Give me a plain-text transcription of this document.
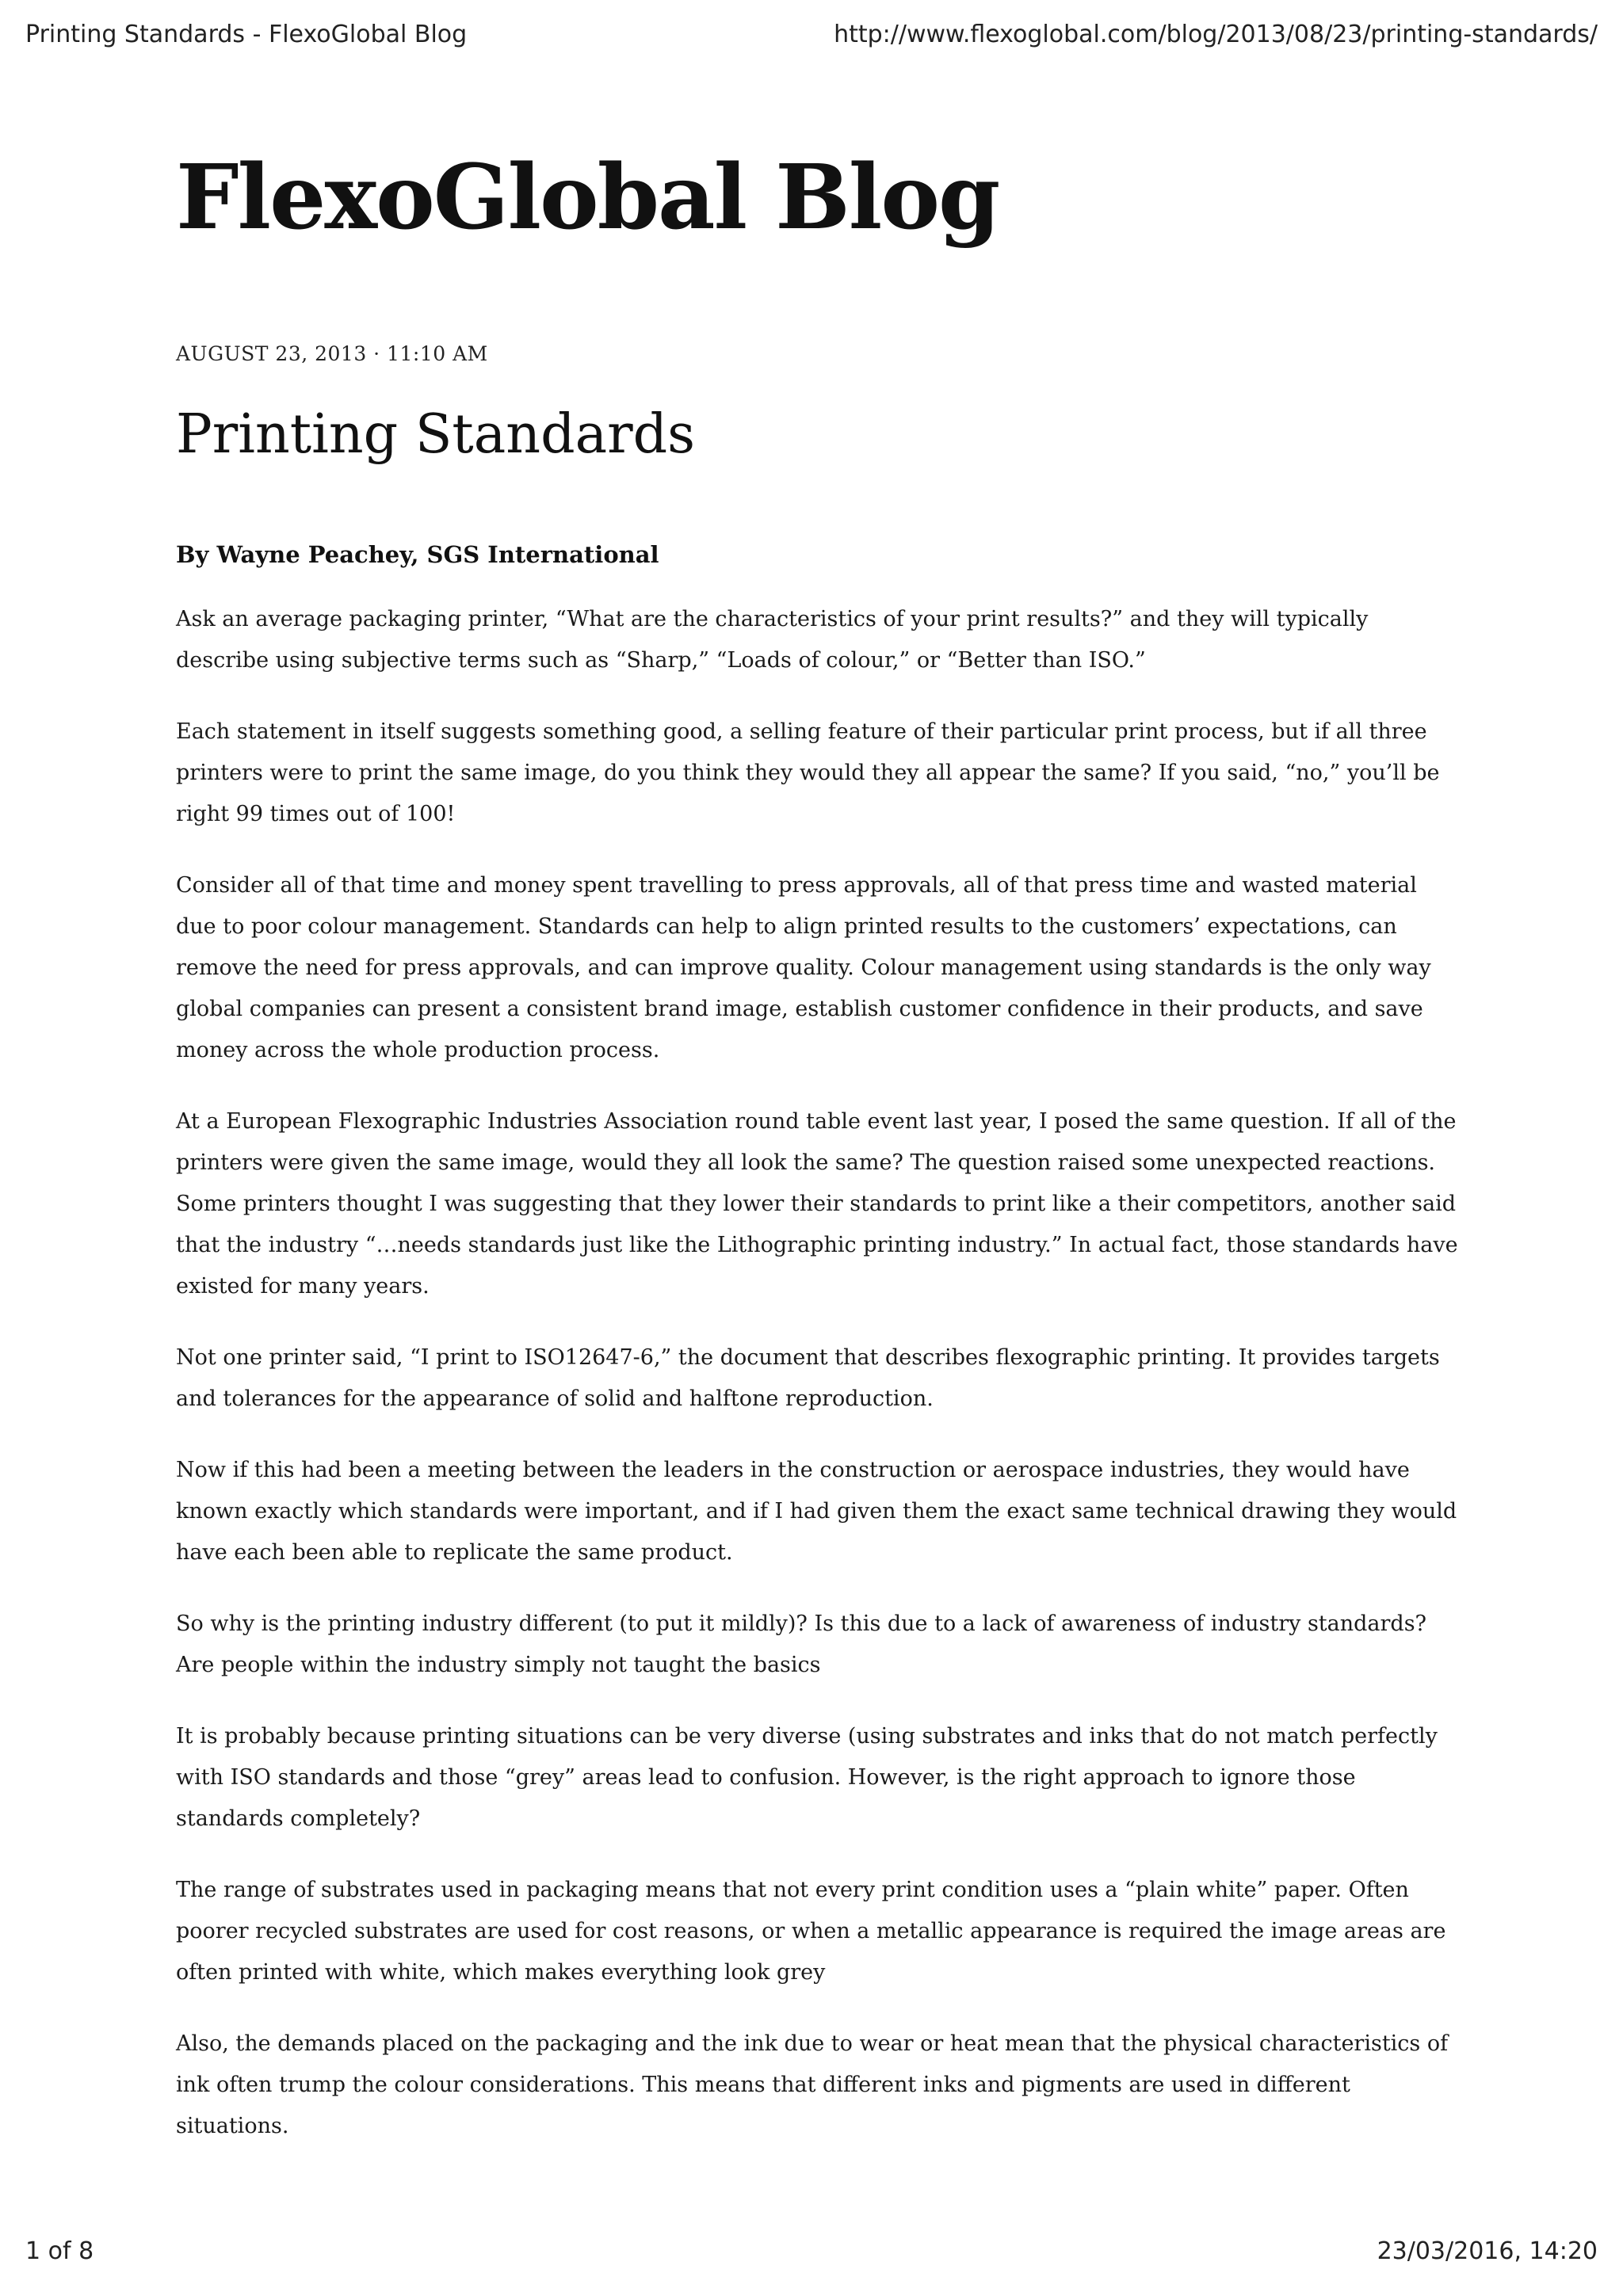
Printing Standards - FlexoGlobal Blog	http://www.flexoglobal.com/blog/2013/08/23/printing-standards/
FlexoGlobal Blog
AUGUST 23, 2013 · 11:10 AM
Printing Standards

By Wayne Peachey, SGS International

Ask an average packaging printer, “What are the characteristics of your print results?” and they will typically describe using subjective terms such as “Sharp,” “Loads of colour,” or “Better than ISO.”

Each statement in itself suggests something good, a selling feature of their particular print process, but if all three printers were to print the same image, do you think they would they all appear the same? If you said, “no,” you’ll be right 99 times out of 100!

Consider all of that time and money spent travelling to press approvals, all of that press time and wasted material due to poor colour management. Standards can help to align printed results to the customers’ expectations, can remove the need for press approvals, and can improve quality. Colour management using standards is the only way global companies can present a consistent brand image, establish customer confidence in their products, and save money across the whole production process.

At a European Flexographic Industries Association round table event last year, I posed the same question. If all of the printers were given the same image, would they all look the same? The question raised some unexpected reactions. Some printers thought I was suggesting that they lower their standards to print like a their competitors, another said that the industry “…needs standards just like the Lithographic printing industry.” In actual fact, those standards have existed for many years.

Not one printer said, “I print to ISO12647-6,” the document that describes flexographic printing. It provides targets and tolerances for the appearance of solid and halftone reproduction.

Now if this had been a meeting between the leaders in the construction or aerospace industries, they would have known exactly which standards were important, and if I had given them the exact same technical drawing they would have each been able to replicate the same product.

So why is the printing industry different (to put it mildly)? Is this due to a lack of awareness of industry standards? Are people within the industry simply not taught the basics

It is probably because printing situations can be very diverse (using substrates and inks that do not match perfectly with ISO standards and those “grey” areas lead to confusion. However, is the right approach to ignore those standards completely?

The range of substrates used in packaging means that not every print condition uses a “plain white” paper. Often poorer recycled substrates are used for cost reasons, or when a metallic appearance is required the image areas are often printed with white, which makes everything look grey

Also, the demands placed on the packaging and the ink due to wear or heat mean that the physical characteristics of ink often trump the colour considerations. This means that different inks and pigments are used in different situations.

1 of 8	23/03/2016, 14:20
